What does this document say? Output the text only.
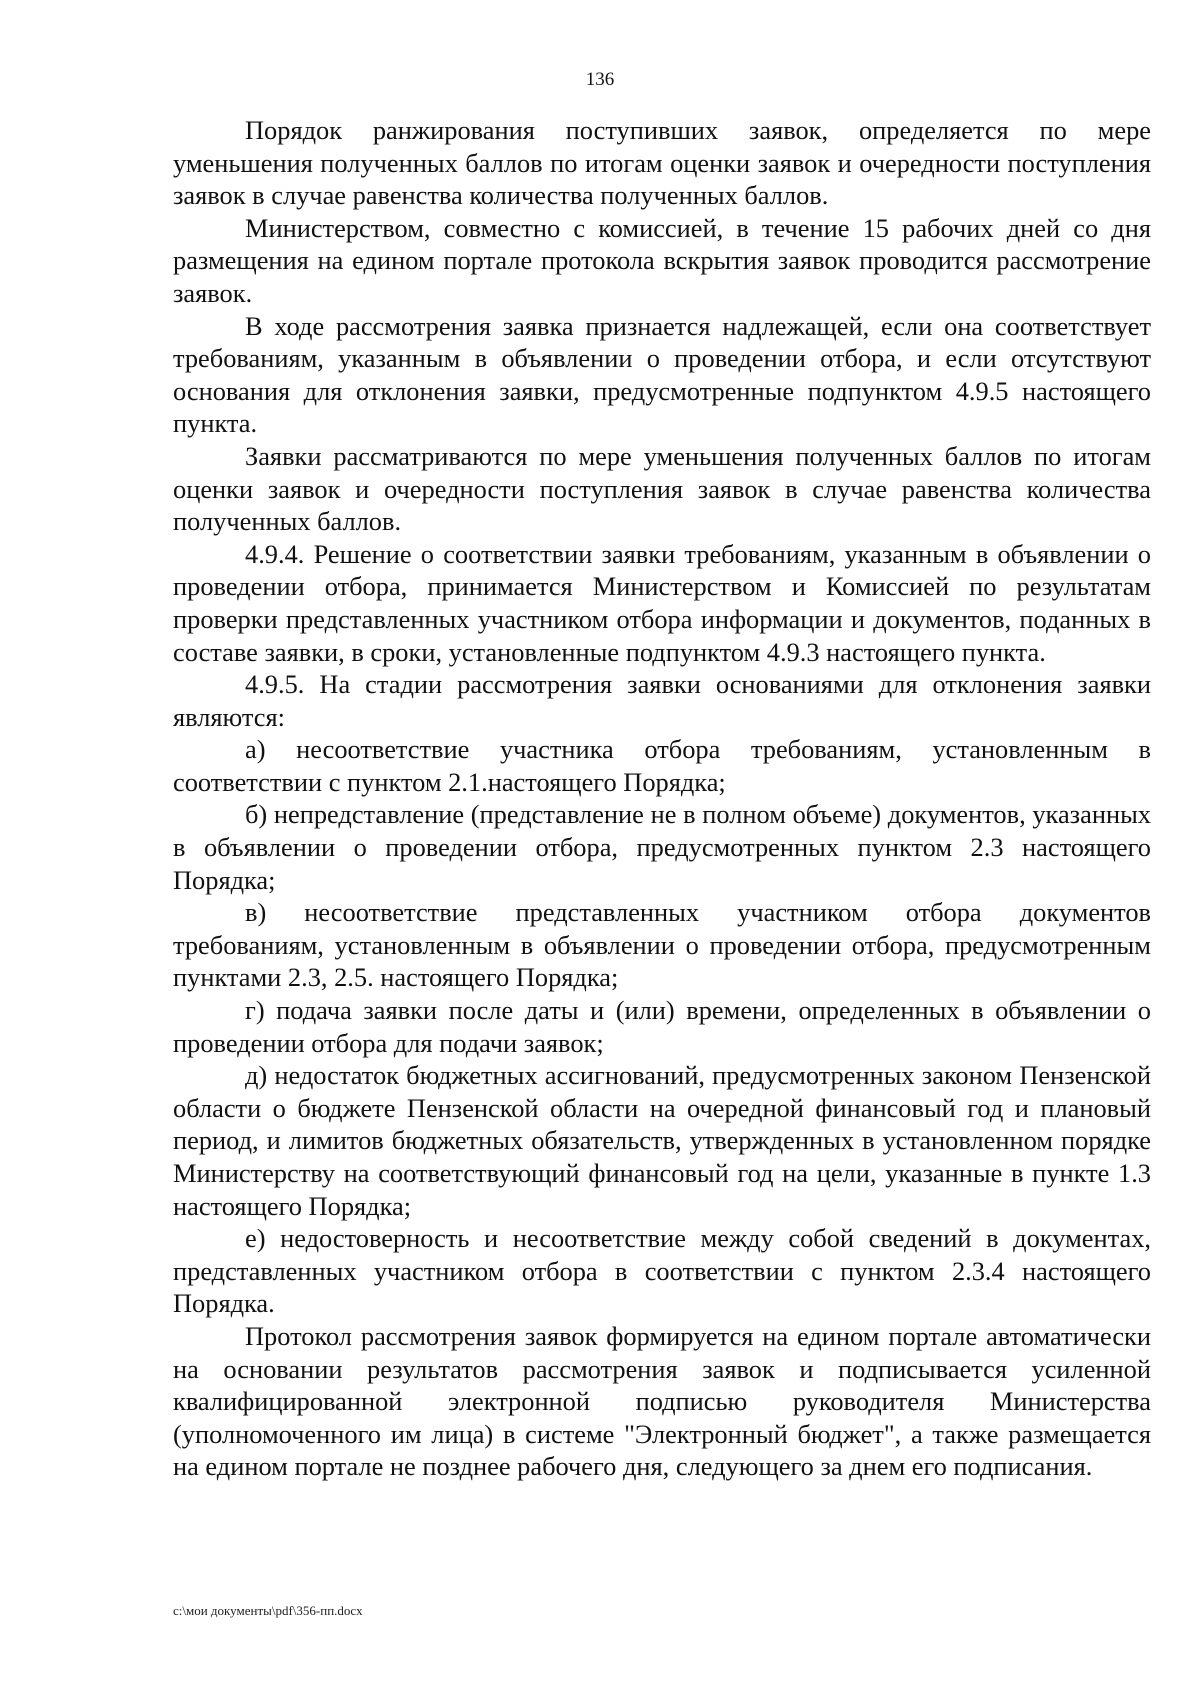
136

Порядок ранжирования поступивших заявок, определяется по мере уменьшения полученных баллов по итогам оценки заявок и очередности поступления заявок в случае равенства количества полученных баллов.

Министерством, совместно с комиссией, в течение 15 рабочих дней со дня размещения на едином портале протокола вскрытия заявок проводится рассмотрение заявок.

В ходе рассмотрения заявка признается надлежащей, если она соответствует требованиям, указанным в объявлении о проведении отбора, и если отсутствуют основания для отклонения заявки, предусмотренные подпунктом 4.9.5 настоящего пункта.

Заявки рассматриваются по мере уменьшения полученных баллов по итогам оценки заявок и очередности поступления заявок в случае равенства количества полученных баллов.

4.9.4. Решение о соответствии заявки требованиям, указанным в объявлении о проведении отбора, принимается Министерством и Комиссией по результатам проверки представленных участником отбора информации и документов, поданных в составе заявки, в сроки, установленные подпунктом 4.9.3 настоящего пункта.

4.9.5. На стадии рассмотрения заявки основаниями для отклонения заявки являются:

а) несоответствие участника отбора требованиям, установленным в соответствии с пунктом 2.1.настоящего Порядка;

б) непредставление (представление не в полном объеме) документов, указанных в объявлении о проведении отбора, предусмотренных пунктом 2.3 настоящего Порядка;

в) несоответствие представленных участником отбора документов требованиям, установленным в объявлении о проведении отбора, предусмотренным пунктами 2.3, 2.5. настоящего Порядка;

г) подача заявки после даты и (или) времени, определенных в объявлении о проведении отбора для подачи заявок;

д) недостаток бюджетных ассигнований, предусмотренных законом Пензенской области о бюджете Пензенской области на очередной финансовый год и плановый период, и лимитов бюджетных обязательств, утвержденных в установленном порядке Министерству на соответствующий финансовый год на цели, указанные в пункте 1.3 настоящего Порядка;

е) недостоверность и несоответствие между собой сведений в документах, представленных участником отбора в соответствии с пунктом 2.3.4 настоящего Порядка.

Протокол рассмотрения заявок формируется на едином портале автоматически на основании результатов рассмотрения заявок и подписывается усиленной квалифицированной электронной подписью руководителя Министерства (уполномоченного им лица) в системе "Электронный бюджет", а также размещается на едином портале не позднее рабочего дня, следующего за днем его подписания.

c:\мои документы\pdf\356-пп.docx
